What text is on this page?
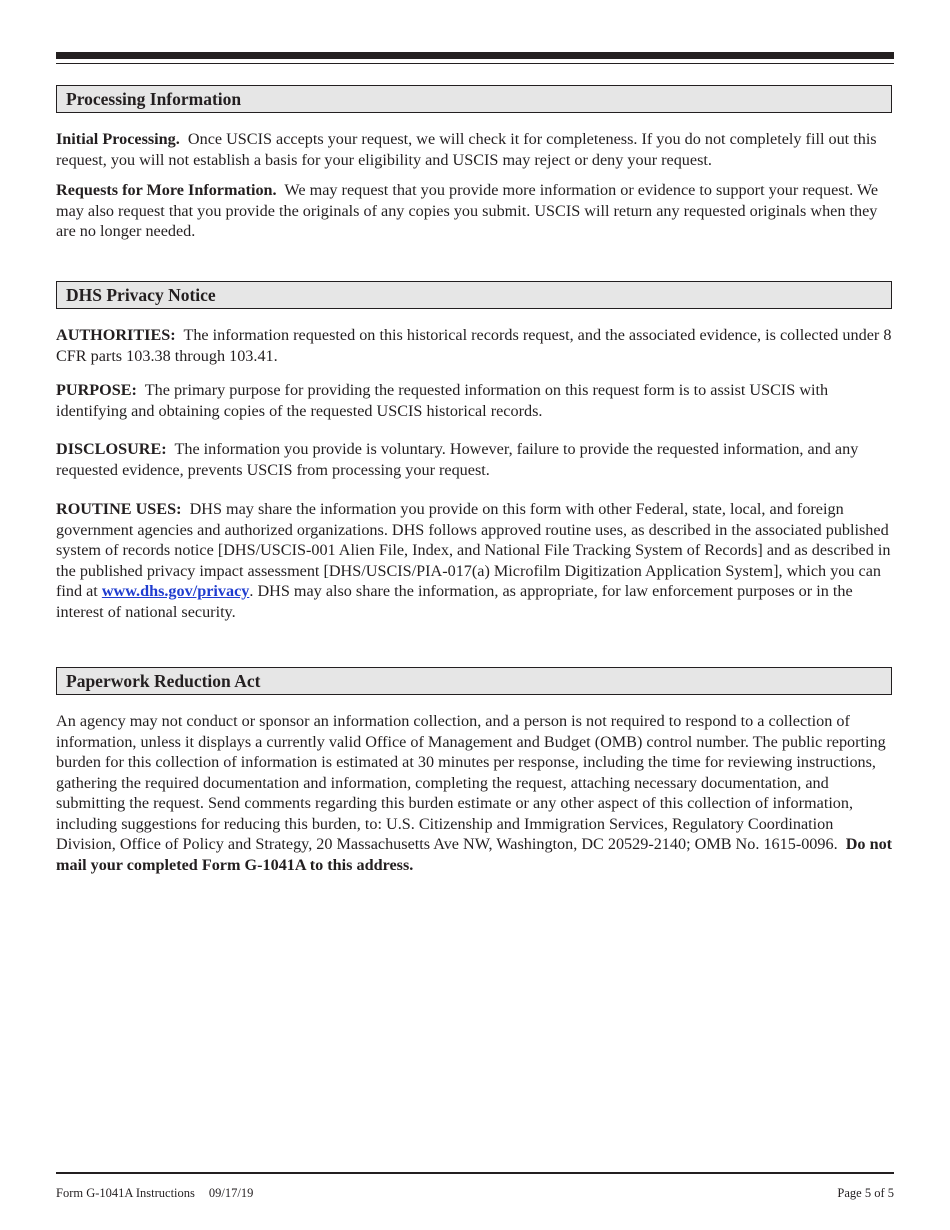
Processing Information

Initial Processing. Once USCIS accepts your request, we will check it for completeness. If you do not completely fill out this request, you will not establish a basis for your eligibility and USCIS may reject or deny your request.

Requests for More Information. We may request that you provide more information or evidence to support your request. We may also request that you provide the originals of any copies you submit. USCIS will return any requested originals when they are no longer needed.

DHS Privacy Notice

AUTHORITIES: The information requested on this historical records request, and the associated evidence, is collected under 8 CFR parts 103.38 through 103.41.

PURPOSE: The primary purpose for providing the requested information on this request form is to assist USCIS with identifying and obtaining copies of the requested USCIS historical records.

DISCLOSURE: The information you provide is voluntary. However, failure to provide the requested information, and any requested evidence, prevents USCIS from processing your request.

ROUTINE USES: DHS may share the information you provide on this form with other Federal, state, local, and foreign government agencies and authorized organizations. DHS follows approved routine uses, as described in the associated published system of records notice [DHS/USCIS-001 Alien File, Index, and National File Tracking System of Records] and as described in the published privacy impact assessment [DHS/USCIS/PIA-017(a) Microfilm Digitization Application System], which you can find at www.dhs.gov/privacy. DHS may also share the information, as appropriate, for law enforcement purposes or in the interest of national security.

Paperwork Reduction Act

An agency may not conduct or sponsor an information collection, and a person is not required to respond to a collection of information, unless it displays a currently valid Office of Management and Budget (OMB) control number. The public reporting burden for this collection of information is estimated at 30 minutes per response, including the time for reviewing instructions, gathering the required documentation and information, completing the request, attaching necessary documentation, and submitting the request. Send comments regarding this burden estimate or any other aspect of this collection of information, including suggestions for reducing this burden, to: U.S. Citizenship and Immigration Services, Regulatory Coordination Division, Office of Policy and Strategy, 20 Massachusetts Ave NW, Washington, DC 20529-2140; OMB No. 1615-0096. Do not mail your completed Form G-1041A to this address.

Form G-1041A Instructions 09/17/19	Page 5 of 5
